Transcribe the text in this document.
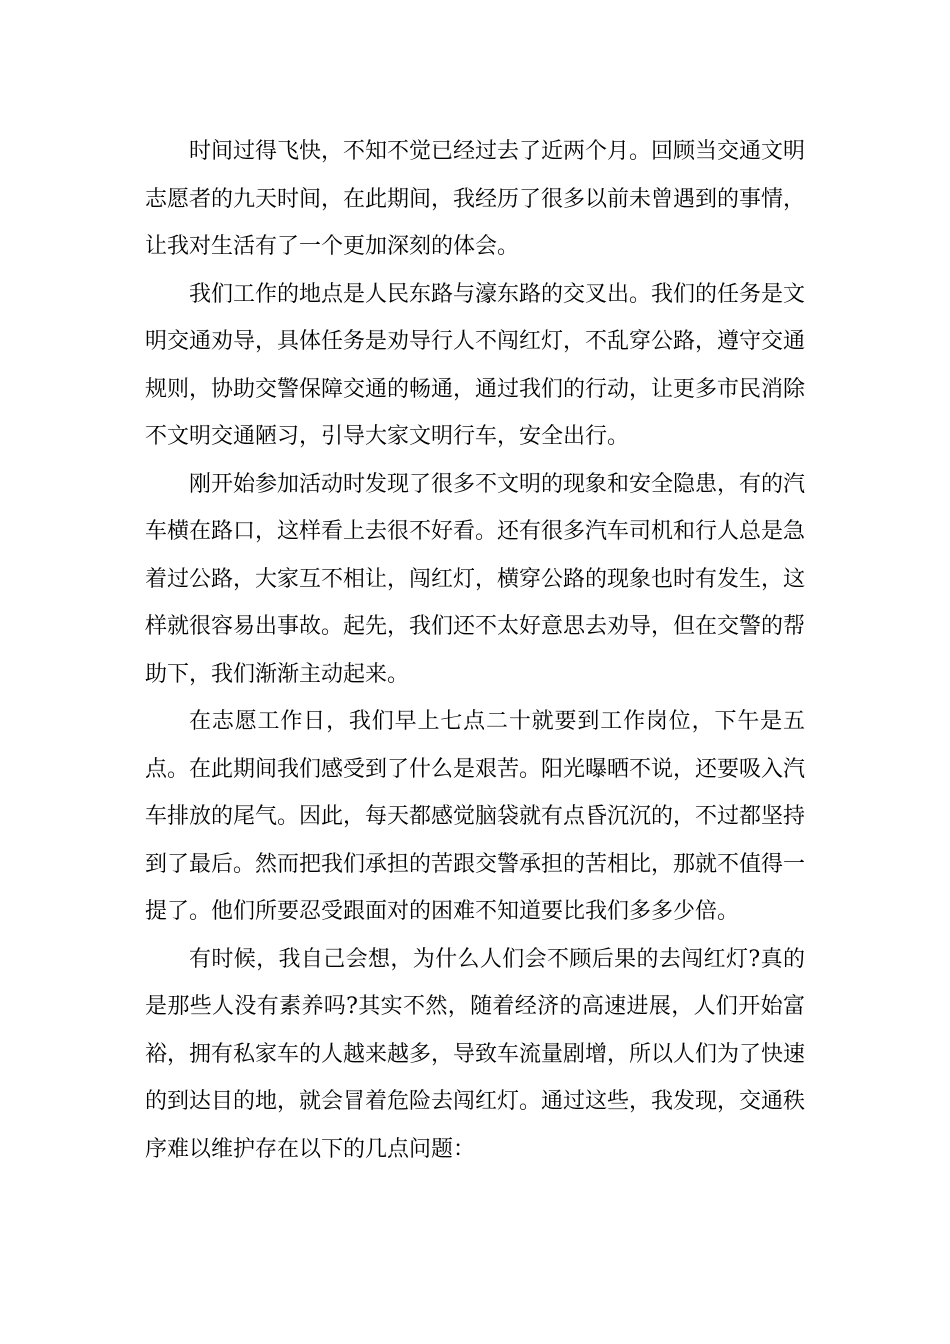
时间过得飞快，不知不觉已经过去了近两个月。回顾当交通文明志愿者的九天时间，在此期间，我经历了很多以前未曾遇到的事情，让我对生活有了一个更加深刻的体会。

我们工作的地点是人民东路与濠东路的交叉出。我们的任务是文明交通劝导，具体任务是劝导行人不闯红灯，不乱穿公路，遵守交通规则，协助交警保障交通的畅通，通过我们的行动，让更多市民消除不文明交通陋习，引导大家文明行车，安全出行。

刚开始参加活动时发现了很多不文明的现象和安全隐患，有的汽车横在路口，这样看上去很不好看。还有很多汽车司机和行人总是急着过公路，大家互不相让，闯红灯，横穿公路的现象也时有发生，这样就很容易出事故。起先，我们还不太好意思去劝导，但在交警的帮助下，我们渐渐主动起来。

在志愿工作日，我们早上七点二十就要到工作岗位，下午是五点。在此期间我们感受到了什么是艰苦。阳光曝晒不说，还要吸入汽车排放的尾气。因此，每天都感觉脑袋就有点昏沉沉的，不过都坚持到了最后。然而把我们承担的苦跟交警承担的苦相比，那就不值得一提了。他们所要忍受跟面对的困难不知道要比我们多多少倍。

有时候，我自己会想，为什么人们会不顾后果的去闯红灯?真的是那些人没有素养吗?其实不然，随着经济的高速进展，人们开始富裕，拥有私家车的人越来越多，导致车流量剧增，所以人们为了快速的到达目的地，就会冒着危险去闯红灯。通过这些，我发现，交通秩序难以维护存在以下的几点问题：
